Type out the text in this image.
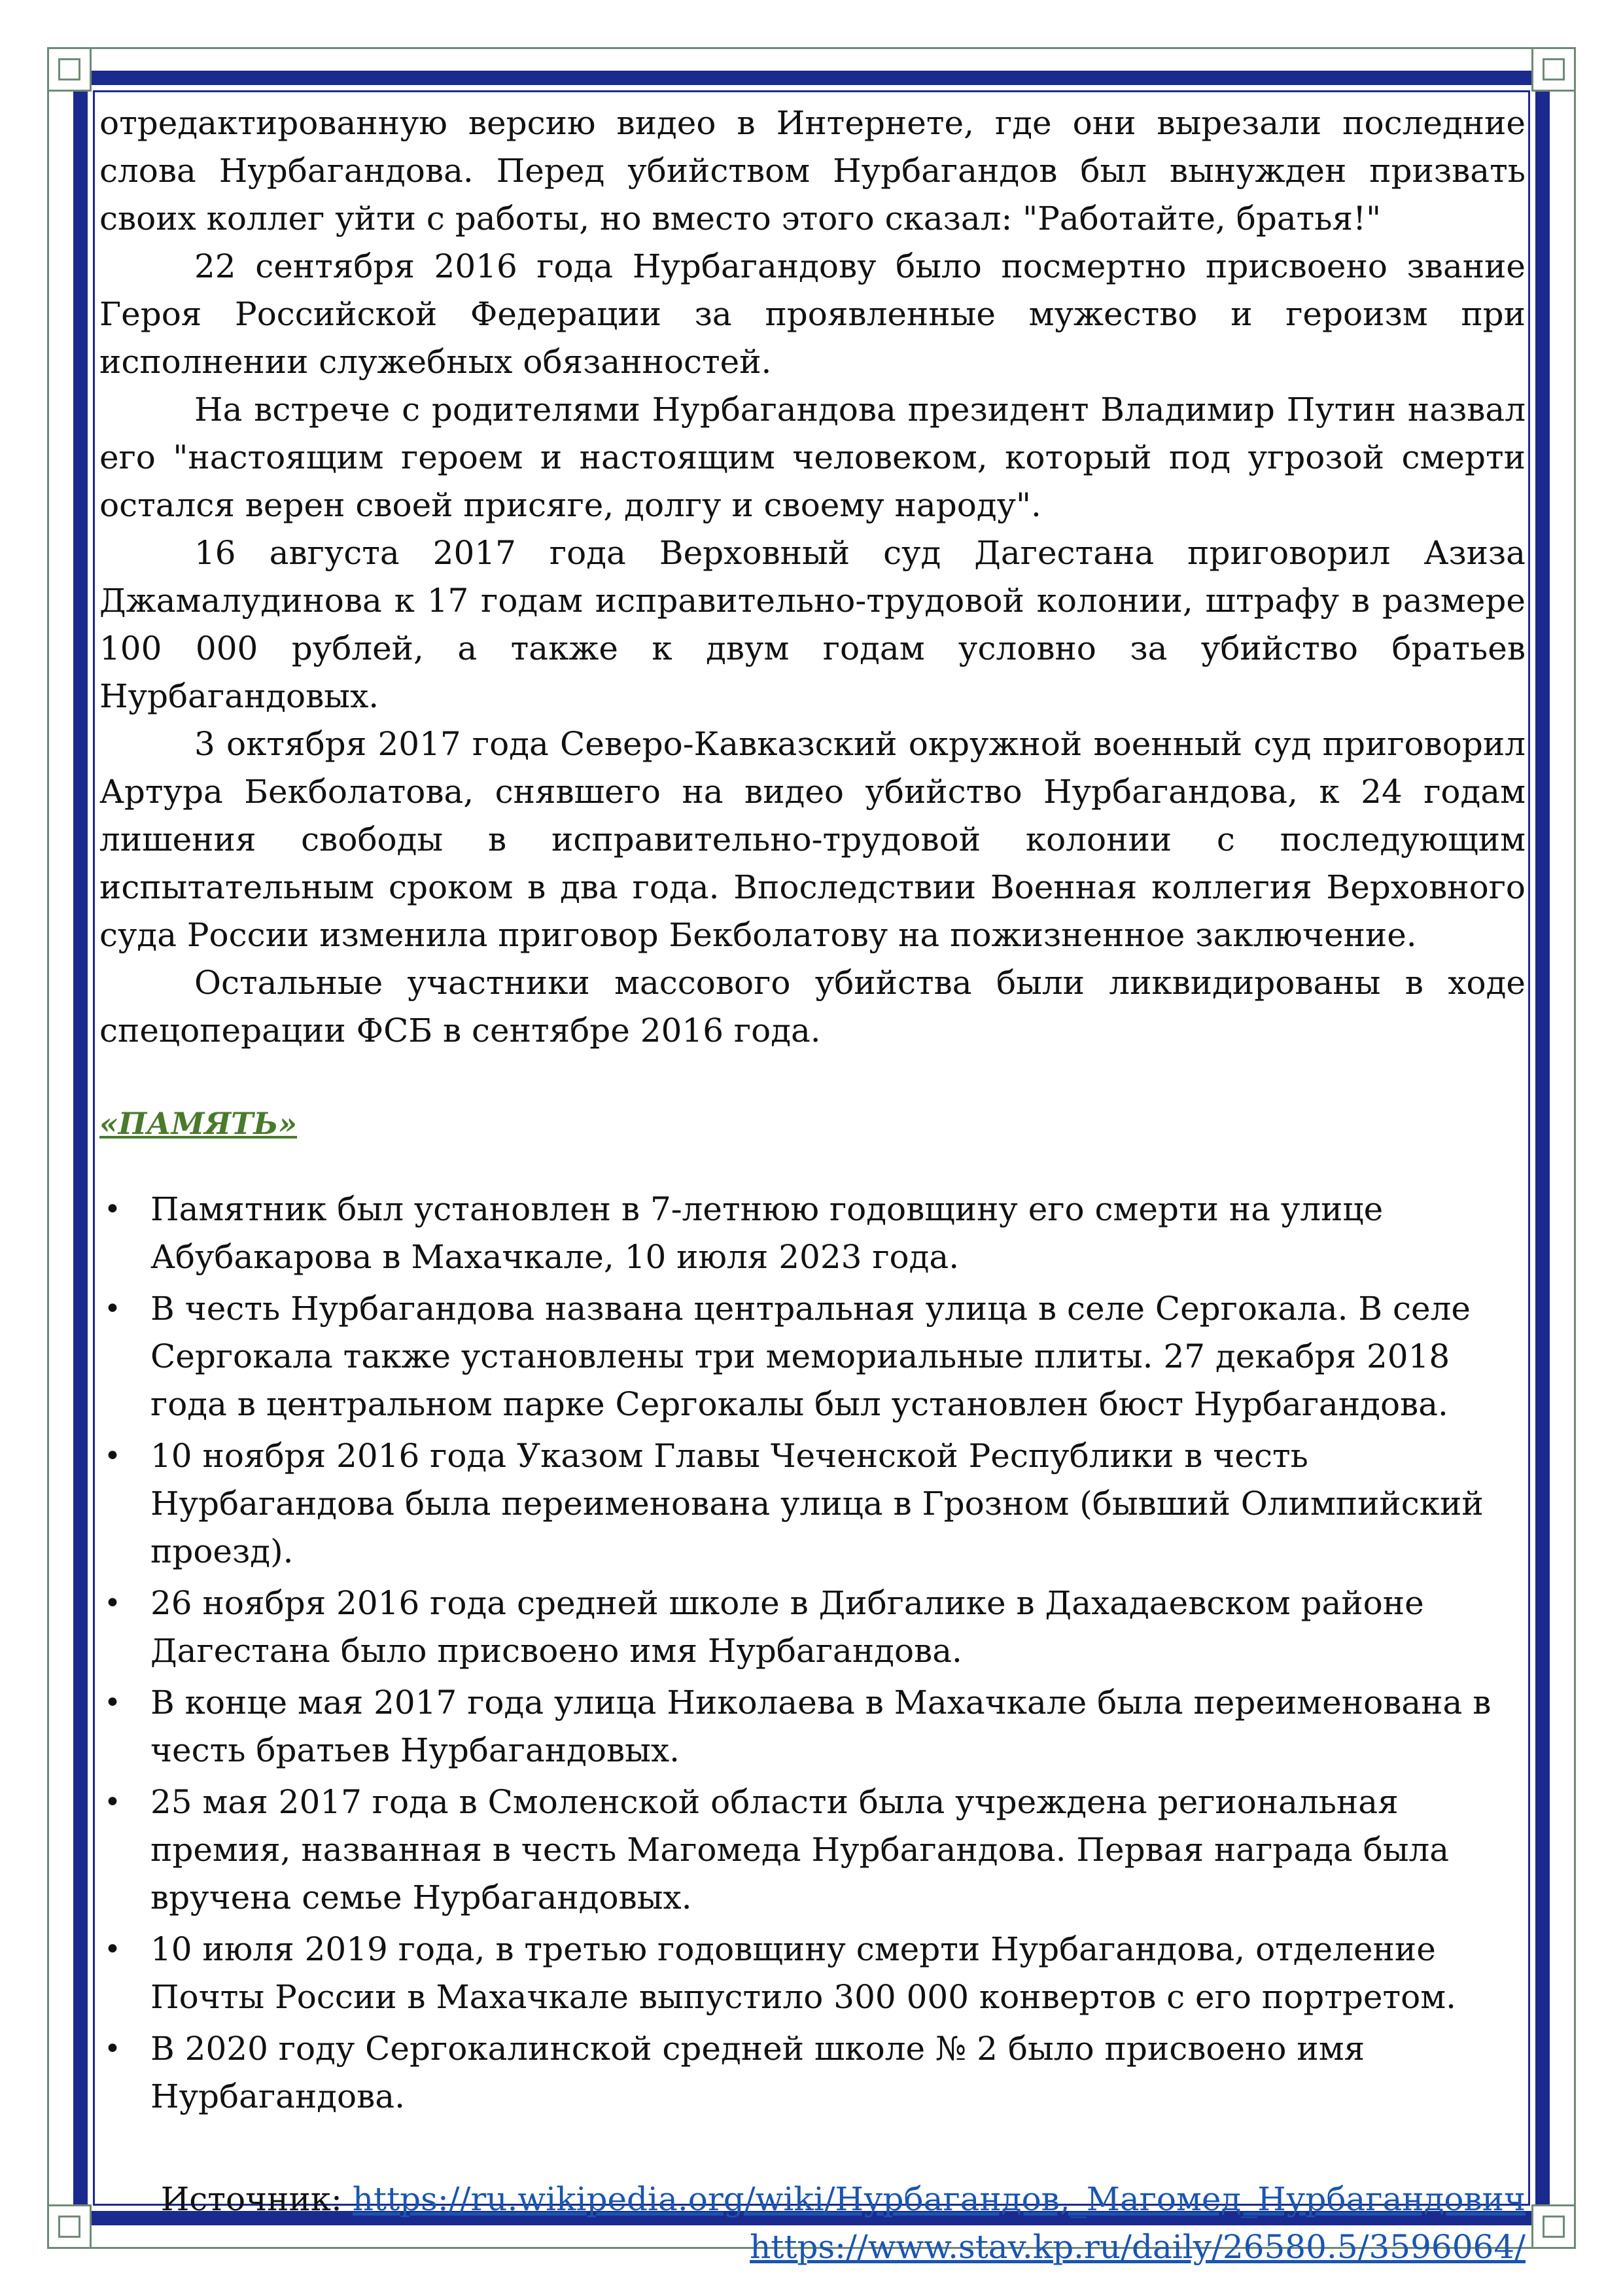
отредактированную версию видео в Интернете, где они вырезали последние слова Нурбагандова. Перед убийством Нурбагандов был вынужден призвать своих коллег уйти с работы, но вместо этого сказал: "Работайте, братья!"

22 сентября 2016 года Нурбагандову было посмертно присвоено звание Героя Российской Федерации за проявленные мужество и героизм при исполнении служебных обязанностей.

На встрече с родителями Нурбагандова президент Владимир Путин назвал его "настоящим героем и настоящим человеком, который под угрозой смерти остался верен своей присяге, долгу и своему народу".

16 августа 2017 года Верховный суд Дагестана приговорил Азиза Джамалудинова к 17 годам исправительно-трудовой колонии, штрафу в размере 100 000 рублей, а также к двум годам условно за убийство братьев Нурбагандовых.

3 октября 2017 года Северо-Кавказский окружной военный суд приговорил Артура Бекболатова, снявшего на видео убийство Нурбагандова, к 24 годам лишения свободы в исправительно-трудовой колонии с последующим испытательным сроком в два года. Впоследствии Военная коллегия Верховного суда России изменила приговор Бекболатову на пожизненное заключение.

Остальные участники массового убийства были ликвидированы в ходе спецоперации ФСБ в сентябре 2016 года.

«ПАМЯТЬ»
• Памятник был установлен в 7-летнюю годовщину его смерти на улице Абубакарова в Махачкале, 10 июля 2023 года.
• В честь Нурбагандова названа центральная улица в селе Сергокала. В селе Сергокала также установлены три мемориальные плиты. 27 декабря 2018 года в центральном парке Сергокалы был установлен бюст Нурбагандова.
• 10 ноября 2016 года Указом Главы Чеченской Республики в честь Нурбагандова была переименована улица в Грозном (бывший Олимпийский проезд).
• 26 ноября 2016 года средней школе в Дибгалике в Дахадаевском районе Дагестана было присвоено имя Нурбагандова.
• В конце мая 2017 года улица Николаева в Махачкале была переименована в честь братьев Нурбагандовых.
• 25 мая 2017 года в Смоленской области была учреждена региональная премия, названная в честь Магомеда Нурбагандова. Первая награда была вручена семье Нурбагандовых.
• 10 июля 2019 года, в третью годовщину смерти Нурбагандова, отделение Почты России в Махачкале выпустило 300 000 конвертов с его портретом.
• В 2020 году Сергокалинской средней школе № 2 было присвоено имя Нурбагандова.
Источник: https://ru.wikipedia.org/wiki/Нурбагандов,_Магомед_Нурбагандович
https://www.stav.kp.ru/daily/26580.5/3596064/
